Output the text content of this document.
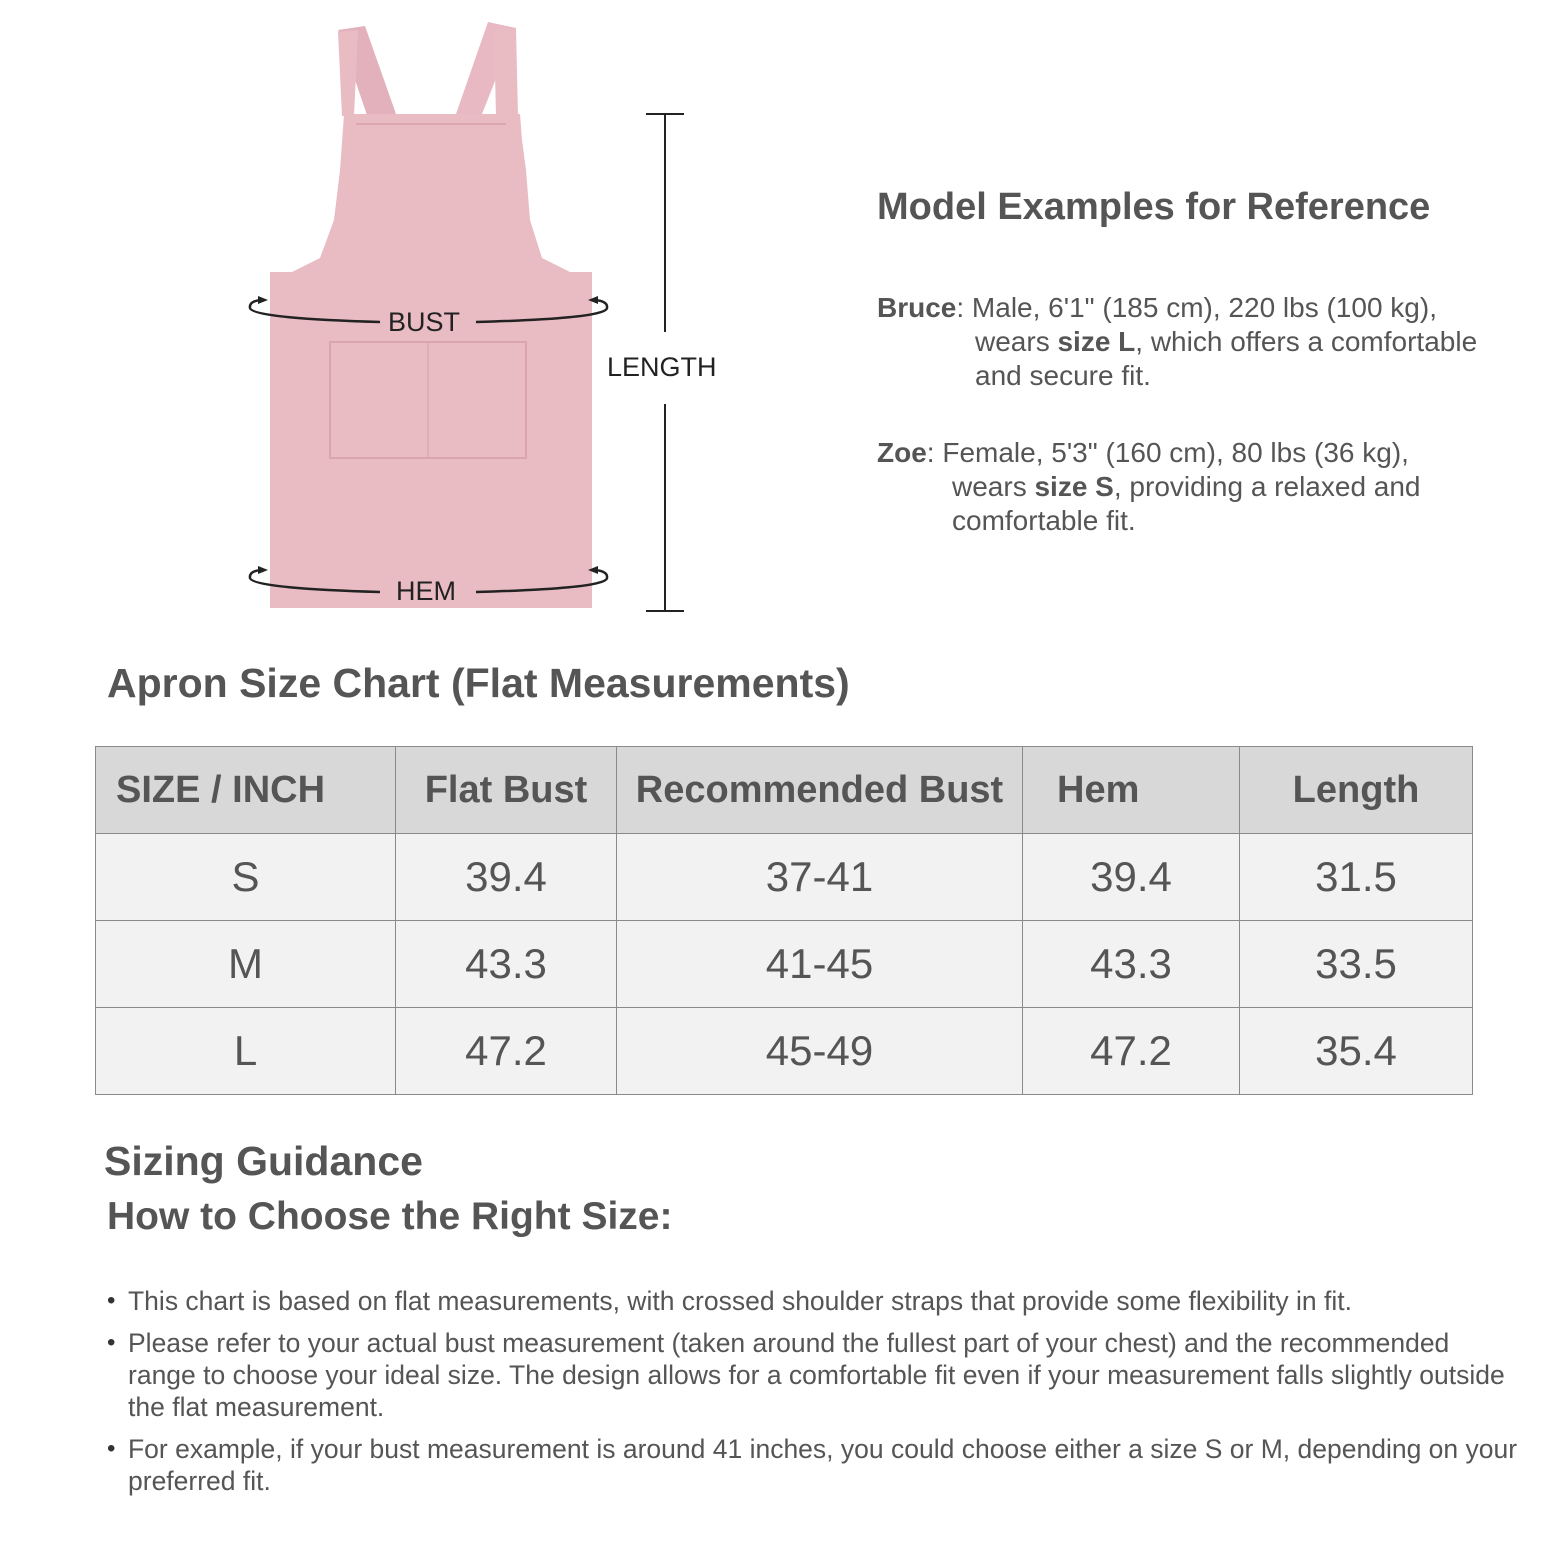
BUST
HEM
LENGTH
Model Examples for Reference
Bruce: Male, 6'1" (185 cm), 220 lbs (100 kg),
wears size L, which offers a comfortable
and secure fit.
Zoe: Female, 5'3" (160 cm), 80 lbs (36 kg),
wears size S, providing a relaxed and
comfortable fit.
Apron Size Chart (Flat Measurements)
SIZE / INCH	Flat Bust	Recommended Bust	Hem	Length
S	39.4	37-41	39.4	31.5
M	43.3	41-45	43.3	33.5
L	47.2	45-49	47.2	35.4
Sizing Guidance
How to Choose the Right Size:
• This chart is based on flat measurements, with crossed shoulder straps that provide some flexibility in fit.
• Please refer to your actual bust measurement (taken around the fullest part of your chest) and the recommended range to choose your ideal size. The design allows for a comfortable fit even if your measurement falls slightly outside the flat measurement.
• For example, if your bust measurement is around 41 inches, you could choose either a size S or M, depending on your preferred fit.
